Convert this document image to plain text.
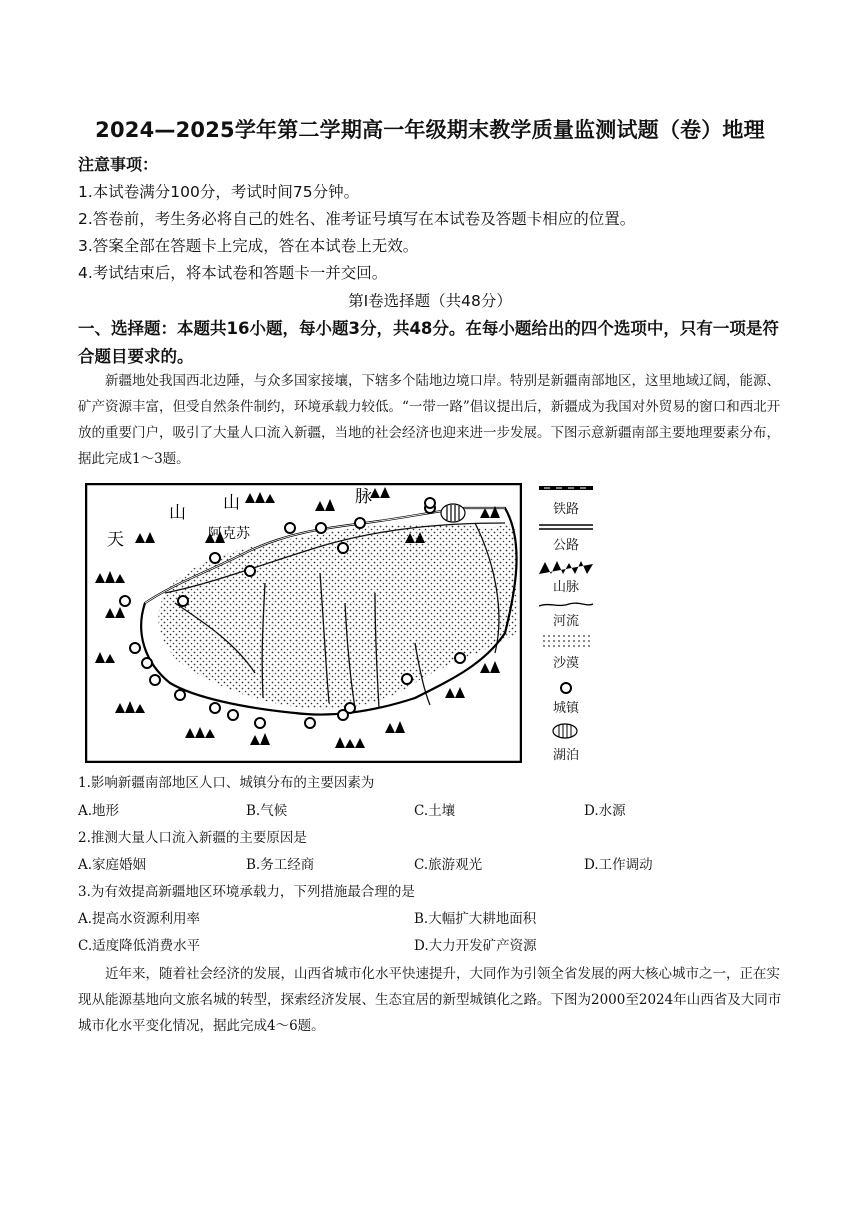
2024—2025学年第二学期高一年级期末教学质量监测试题（卷）地理
注意事项：
1.本试卷满分100分，考试时间75分钟。
2.答卷前，考生务必将自己的姓名、准考证号填写在本试卷及答题卡相应的位置。
3.答案全部在答题卡上完成，答在本试卷上无效。
4.考试结束后，将本试卷和答题卡一并交回。
第Ⅰ卷选择题（共48分）
一、选择题：本题共16小题，每小题3分，共48分。在每小题给出的四个选项中，只有一项是符合题目要求的。
新疆地处我国西北边陲，与众多国家接壤，下辖多个陆地边境口岸。特别是新疆南部地区，这里地域辽阔，能源、矿产资源丰富，但受自然条件制约，环境承载力较低。“一带一路”倡议提出后，新疆成为我国对外贸易的窗口和西北开放的重要门户，吸引了大量人口流入新疆，当地的社会经济也迎来进一步发展。下图示意新疆南部主要地理要素分布，据此完成1～3题。
天
山 山	脉
阿克苏
铁路
公路
山脉
河流
沙漠
城镇
湖泊
1.影响新疆南部地区人口、城镇分布的主要因素为
A.地形	B.气候	C.土壤	D.水源
2.推测大量人口流入新疆的主要原因是
A.家庭婚姻	B.务工经商	C.旅游观光	D.工作调动
3.为有效提高新疆地区环境承载力，下列措施最合理的是
A.提高水资源利用率	B.大幅扩大耕地面积
C.适度降低消费水平	D.大力开发矿产资源
近年来，随着社会经济的发展，山西省城市化水平快速提升，大同作为引领全省发展的两大核心城市之一，正在实现从能源基地向文旅名城的转型，探索经济发展、生态宜居的新型城镇化之路。下图为2000至2024年山西省及大同市城市化水平变化情况，据此完成4～6题。
